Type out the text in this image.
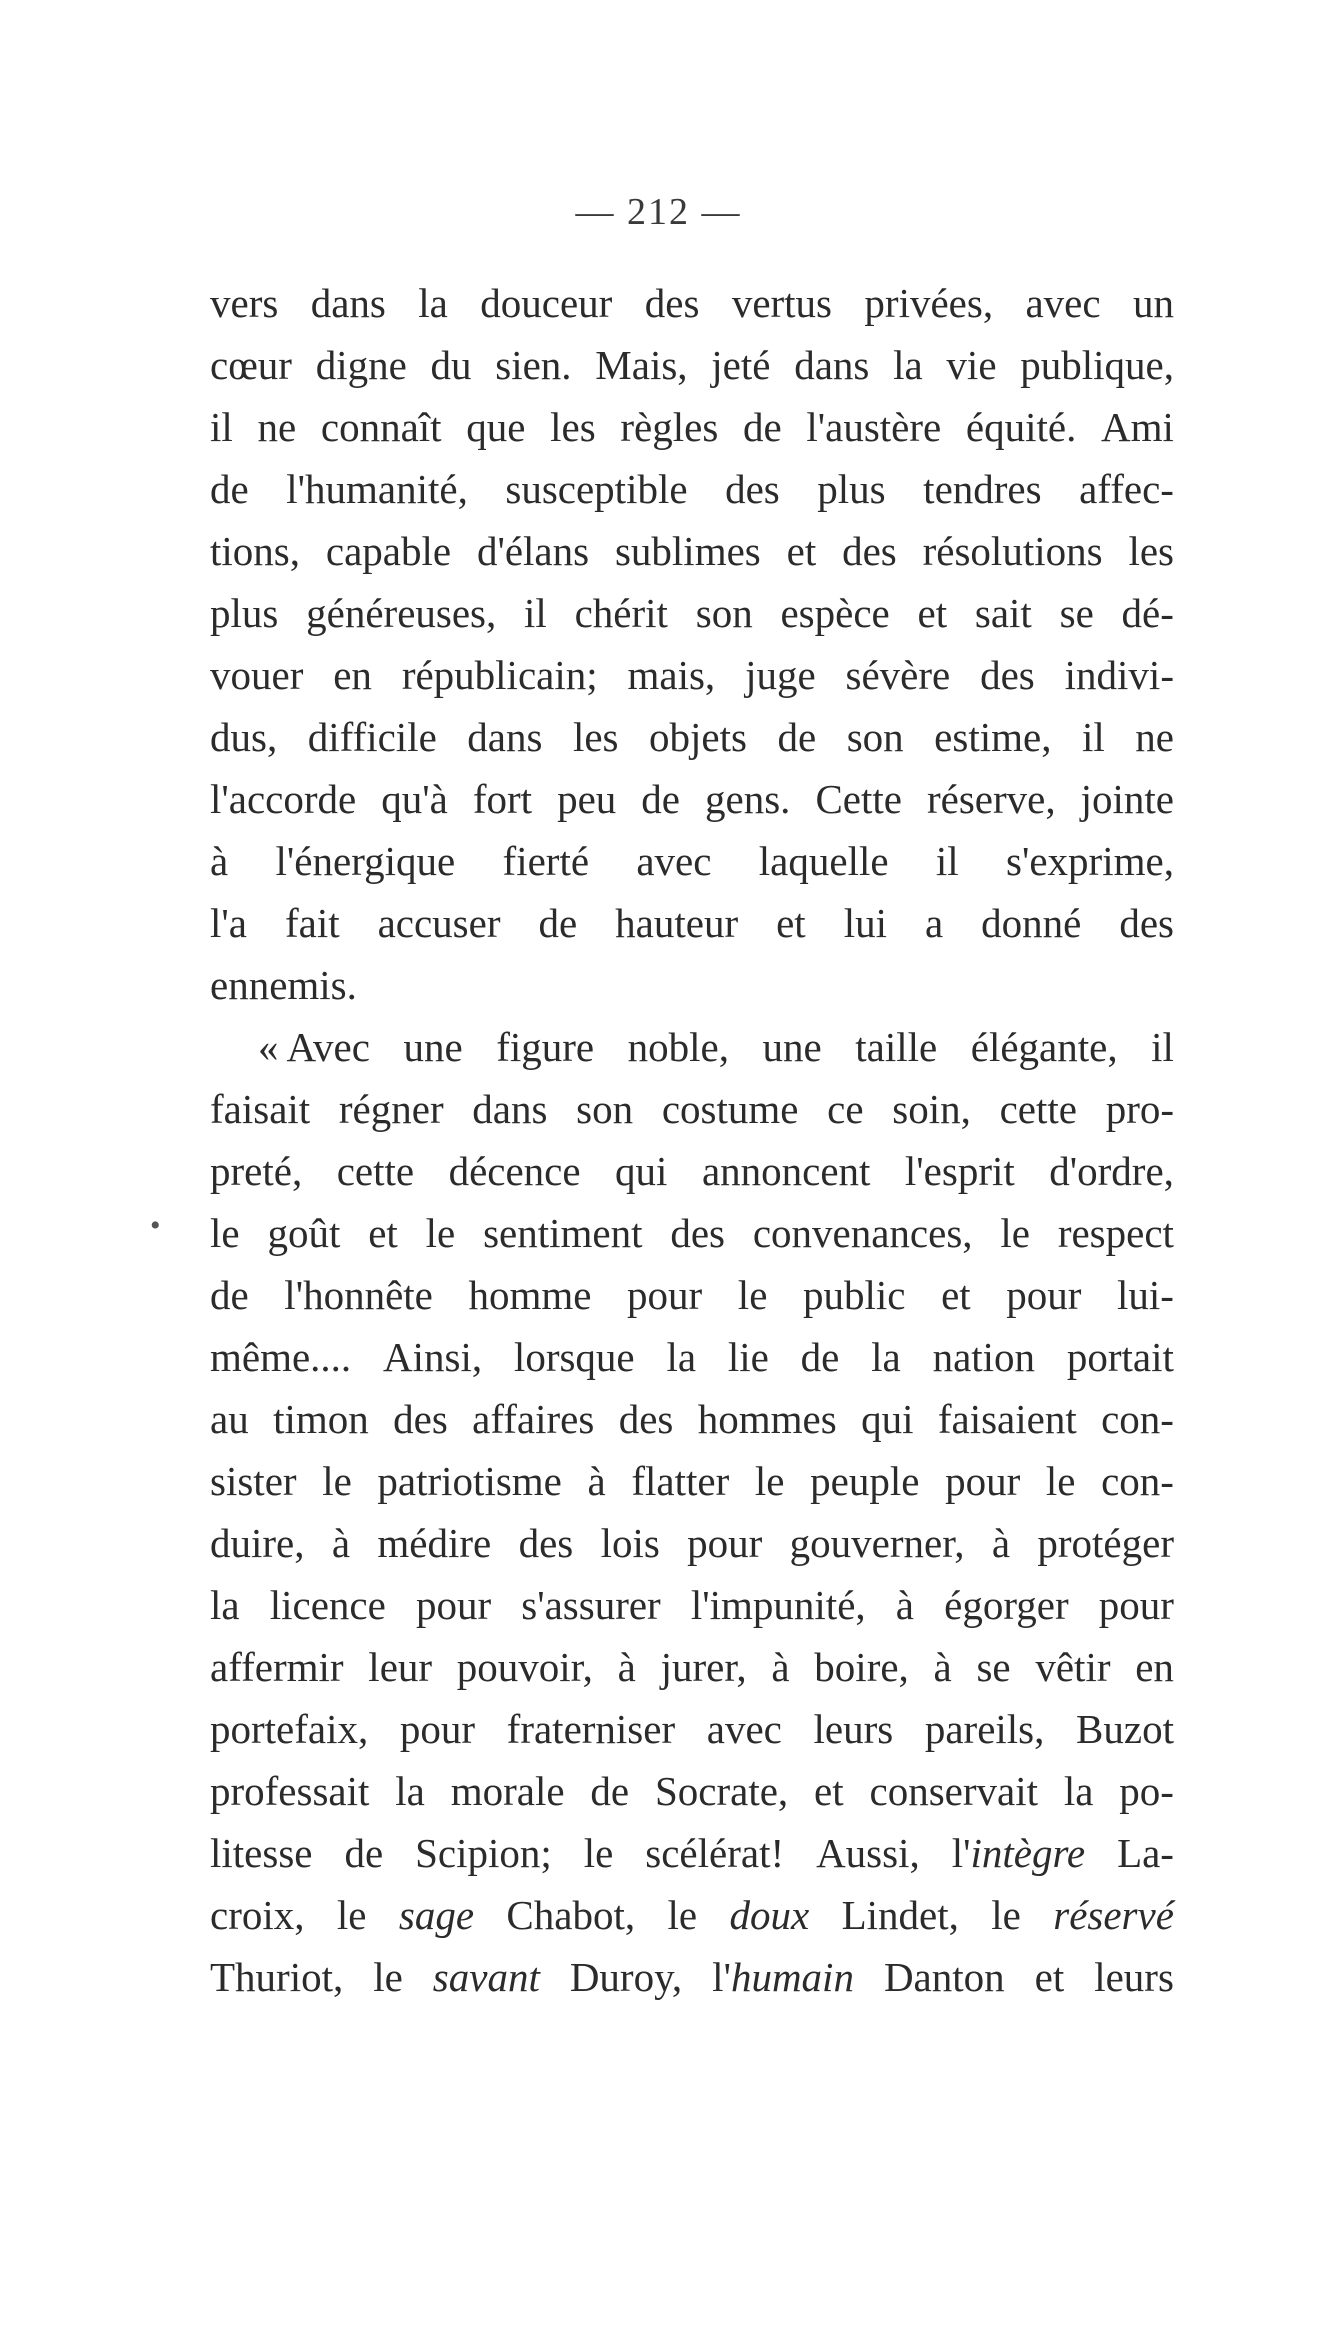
— 212 —
•
vers dans la douceur des vertus privées, avec un
cœur digne du sien. Mais, jeté dans la vie publique,
il ne connaît que les règles de l'austère équité. Ami
de l'humanité, susceptible des plus tendres affec-
tions, capable d'élans sublimes et des résolutions les
plus généreuses, il chérit son espèce et sait se dé-
vouer en républicain; mais, juge sévère des indivi-
dus, difficile dans les objets de son estime, il ne
l'accorde qu'à fort peu de gens. Cette réserve, jointe
à l'énergique fierté avec laquelle il s'exprime,
l'a fait accuser de hauteur et lui a donné des
ennemis.
« Avec une figure noble, une taille élégante, il
faisait régner dans son costume ce soin, cette pro-
preté, cette décence qui annoncent l'esprit d'ordre,
le goût et le sentiment des convenances, le respect
de l'honnête homme pour le public et pour lui-
même.... Ainsi, lorsque la lie de la nation portait
au timon des affaires des hommes qui faisaient con-
sister le patriotisme à flatter le peuple pour le con-
duire, à médire des lois pour gouverner, à protéger
la licence pour s'assurer l'impunité, à égorger pour
affermir leur pouvoir, à jurer, à boire, à se vêtir en
portefaix, pour fraterniser avec leurs pareils, Buzot
professait la morale de Socrate, et conservait la po-
litesse de Scipion; le scélérat! Aussi, l'intègre La-
croix, le sage Chabot, le doux Lindet, le réservé
Thuriot, le savant Duroy, l'humain Danton et leurs
